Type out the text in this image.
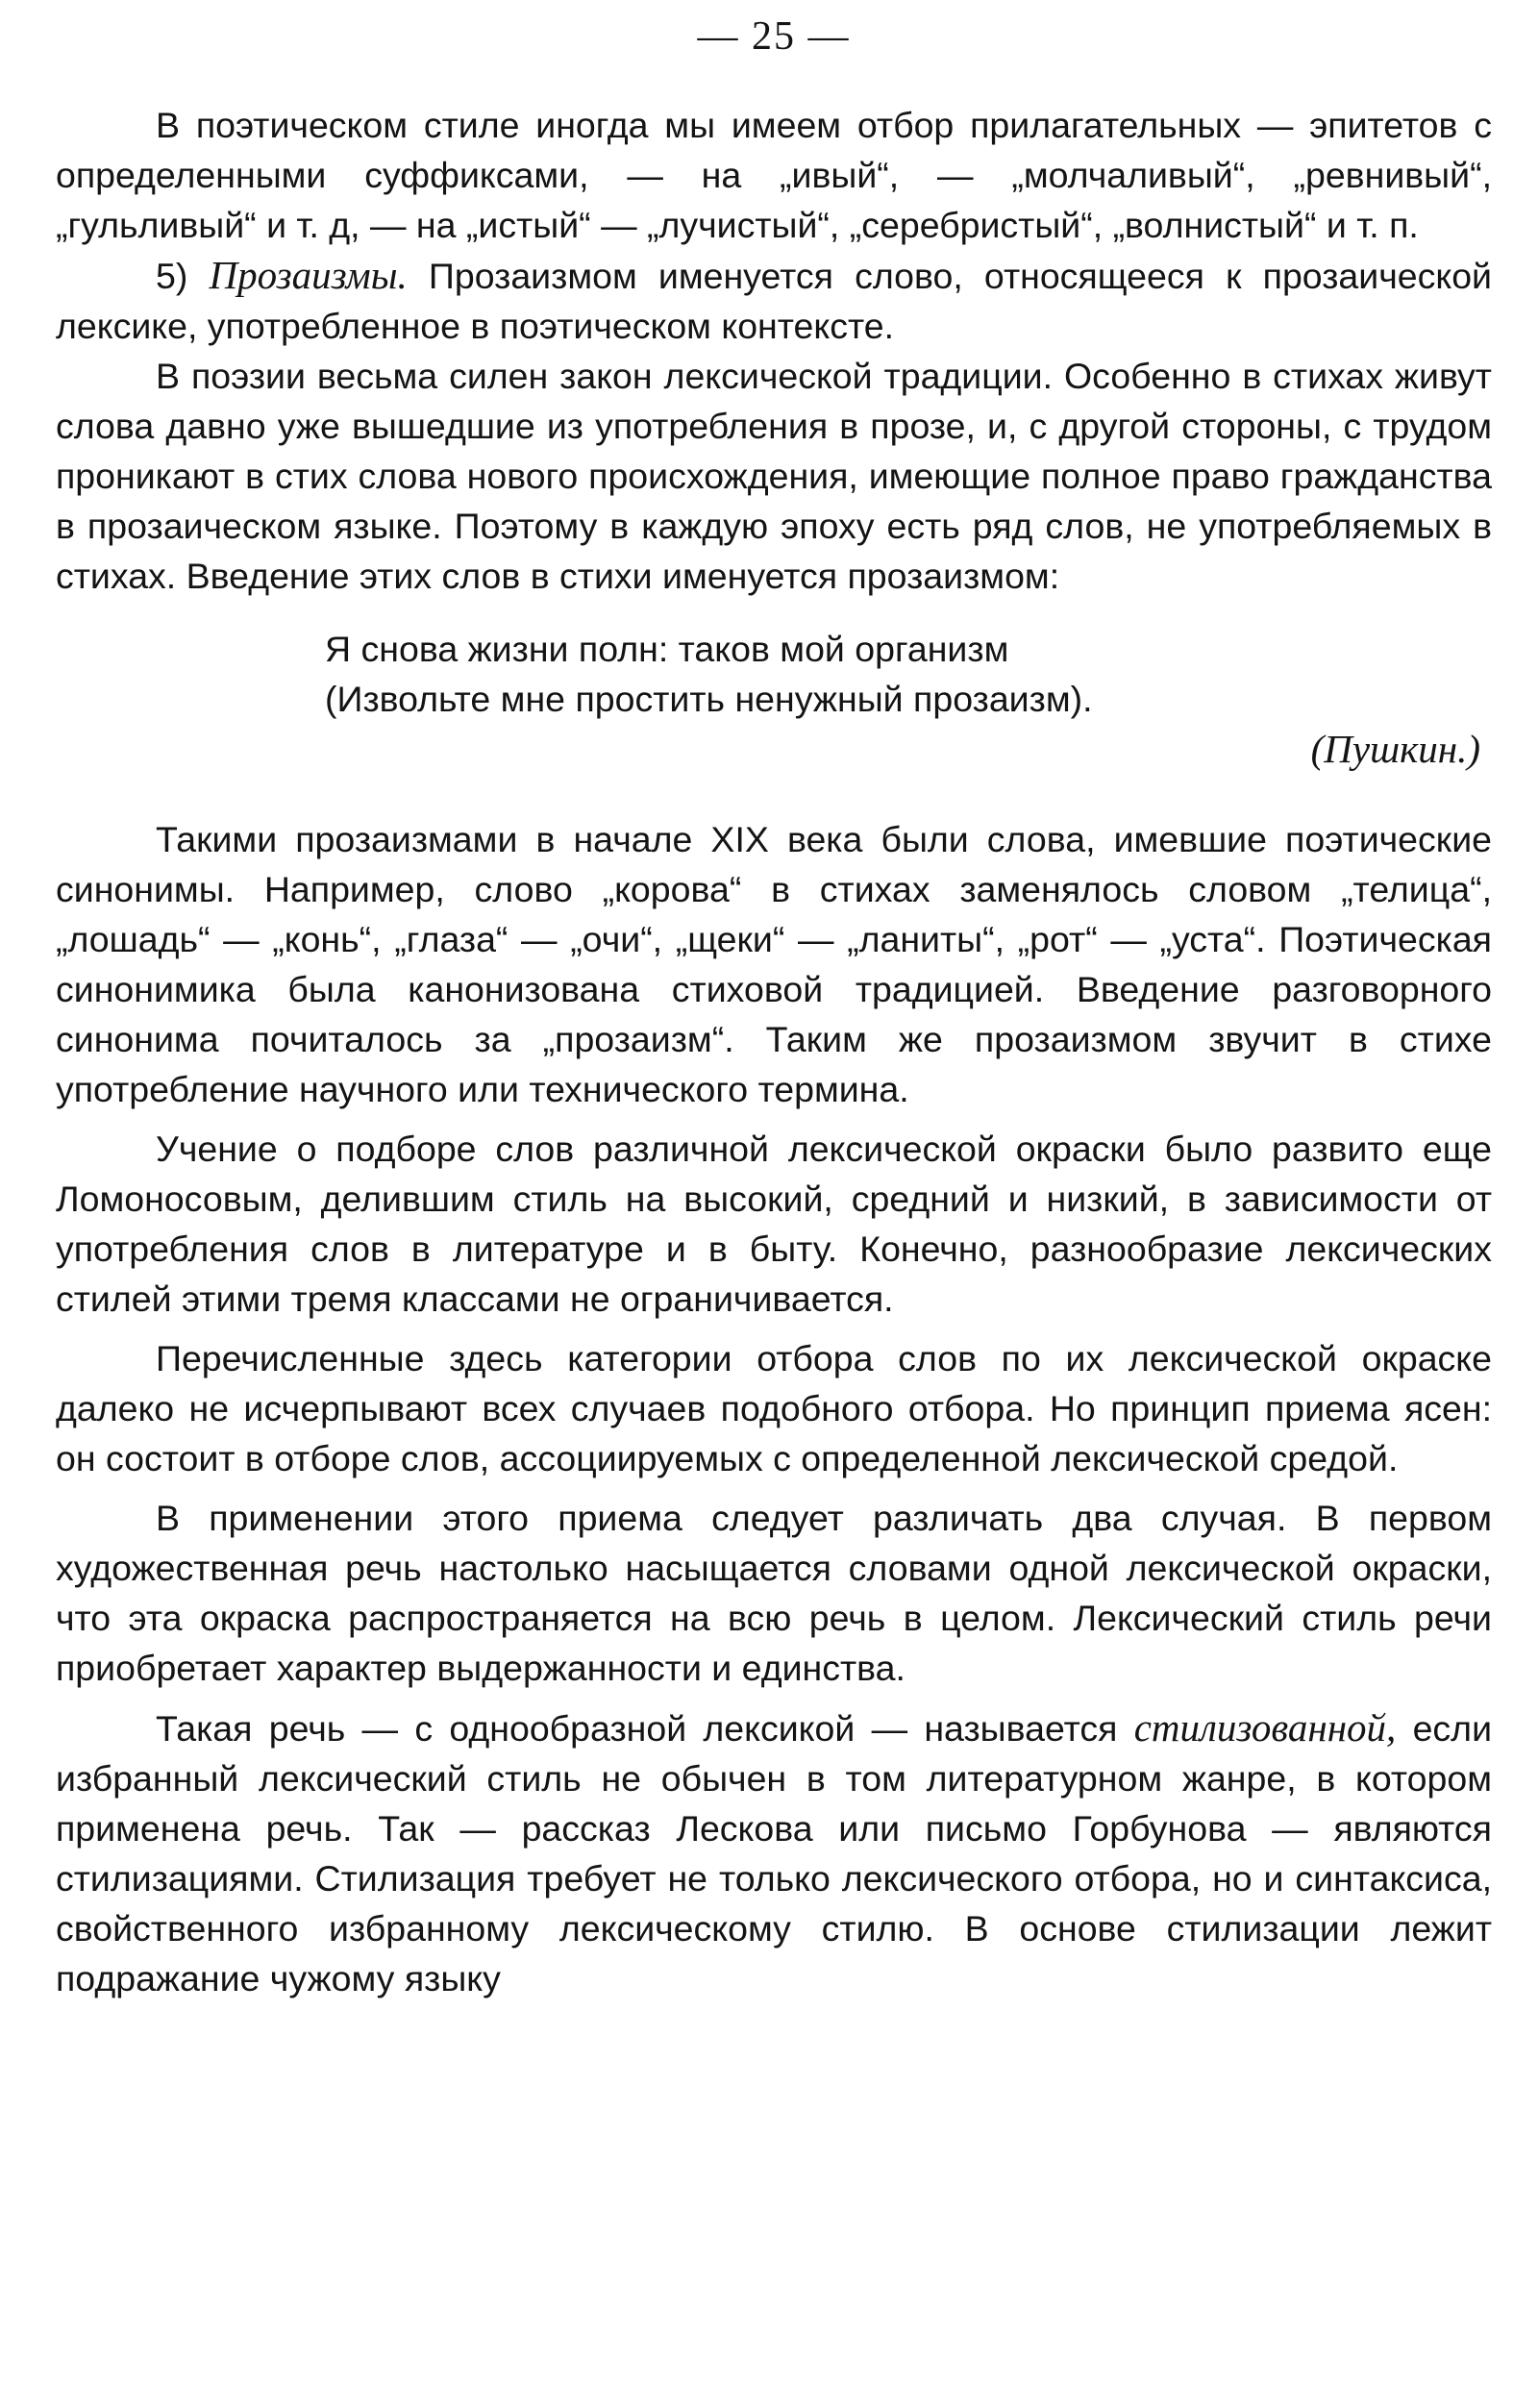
— 25 —

В поэтическом стиле иногда мы имеем отбор прилагательных — эпитетов с определенными суффиксами, — на „ивый“, — „молчаливый“, „ревнивый“, „гульливый“ и т. д, — на „истый“ — „лучистый“, „серебристый“, „волнистый“ и т. п.

5) Прозаизмы. Прозаизмом именуется слово, относящееся к прозаической лексике, употребленное в поэтическом контексте.

В поэзии весьма силен закон лексической традиции. Особенно в стихах живут слова давно уже вышедшие из употребления в прозе, и, с другой стороны, с трудом проникают в стих слова нового происхождения, имеющие полное право гражданства в прозаическом языке. Поэтому в каждую эпоху есть ряд слов, не употребляемых в стихах. Введение этих слов в стихи именуется прозаизмом:

Я снова жизни полн: таков мой организм
(Извольте мне простить ненужный прозаизм).
(Пушкин.)

Такими прозаизмами в начале XIX века были слова, имевшие поэтические синонимы. Например, слово „корова“ в стихах заменялось словом „телица“, „лошадь“ — „конь“, „глаза“ — „очи“, „щеки“ — „ланиты“, „рот“ — „уста“. Поэтическая синонимика была канонизована стиховой традицией. Введение разговорного синонима почиталось за „прозаизм“. Таким же прозаизмом звучит в стихе употребление научного или технического термина.

Учение о подборе слов различной лексической окраски было развито еще Ломоносовым, делившим стиль на высокий, средний и низкий, в зависимости от употребления слов в литературе и в быту. Конечно, разнообразие лексических стилей этими тремя классами не ограничивается.

Перечисленные здесь категории отбора слов по их лексической окраске далеко не исчерпывают всех случаев подобного отбора. Но принцип приема ясен: он состоит в отборе слов, ассоциируемых с определенной лексической средой.

В применении этого приема следует различать два случая. В первом художественная речь настолько насыщается словами одной лексической окраски, что эта окраска распространяется на всю речь в целом. Лексический стиль речи приобретает характер выдержанности и единства.

Такая речь — с однообразной лексикой — называется стилизованной, если избранный лексический стиль не обычен в том литературном жанре, в котором применена речь. Так — рассказ Лескова или письмо Горбунова — являются стилизациями. Стилизация требует не только лексического отбора, но и синтаксиса, свойственного избранному лексическому стилю. В основе стилизации лежит подражание чужому языку
